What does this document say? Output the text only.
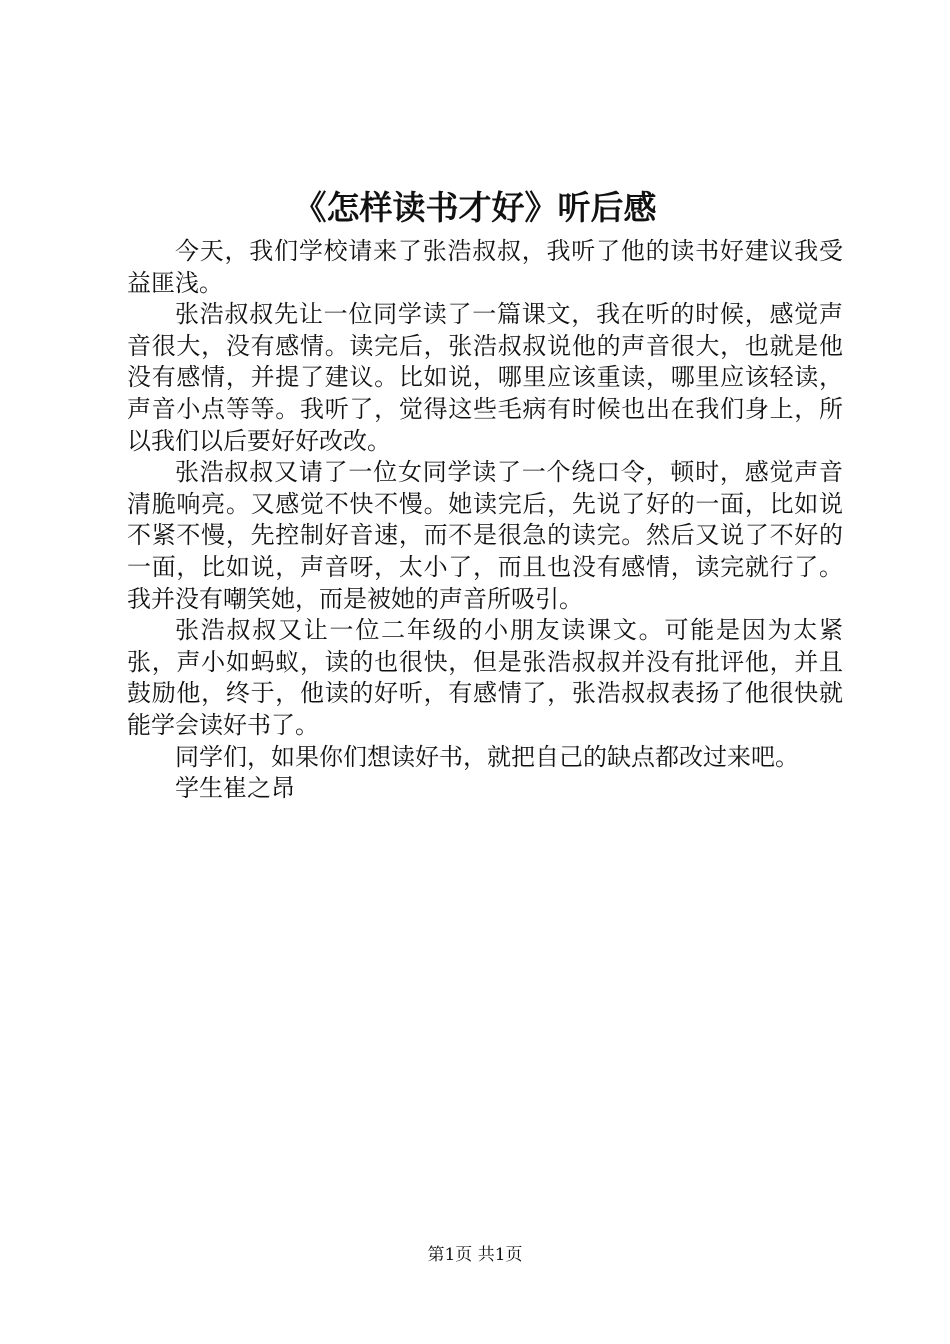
《怎样读书才好》听后感

今天，我们学校请来了张浩叔叔，我听了他的读书好建议我受益匪浅。

张浩叔叔先让一位同学读了一篇课文，我在听的时候，感觉声音很大，没有感情。读完后，张浩叔叔说他的声音很大，也就是他没有感情，并提了建议。比如说，哪里应该重读，哪里应该轻读，声音小点等等。我听了，觉得这些毛病有时候也出在我们身上，所以我们以后要好好改改。

张浩叔叔又请了一位女同学读了一个绕口令，顿时，感觉声音清脆响亮。又感觉不快不慢。她读完后，先说了好的一面，比如说不紧不慢，先控制好音速，而不是很急的读完。然后又说了不好的一面，比如说，声音呀，太小了，而且也没有感情，读完就行了。我并没有嘲笑她，而是被她的声音所吸引。

张浩叔叔又让一位二年级的小朋友读课文。可能是因为太紧张，声小如蚂蚁，读的也很快，但是张浩叔叔并没有批评他，并且鼓励他，终于，他读的好听，有感情了，张浩叔叔表扬了他很快就能学会读好书了。

同学们，如果你们想读好书，就把自己的缺点都改过来吧。

学生崔之昂

第1页 共1页
